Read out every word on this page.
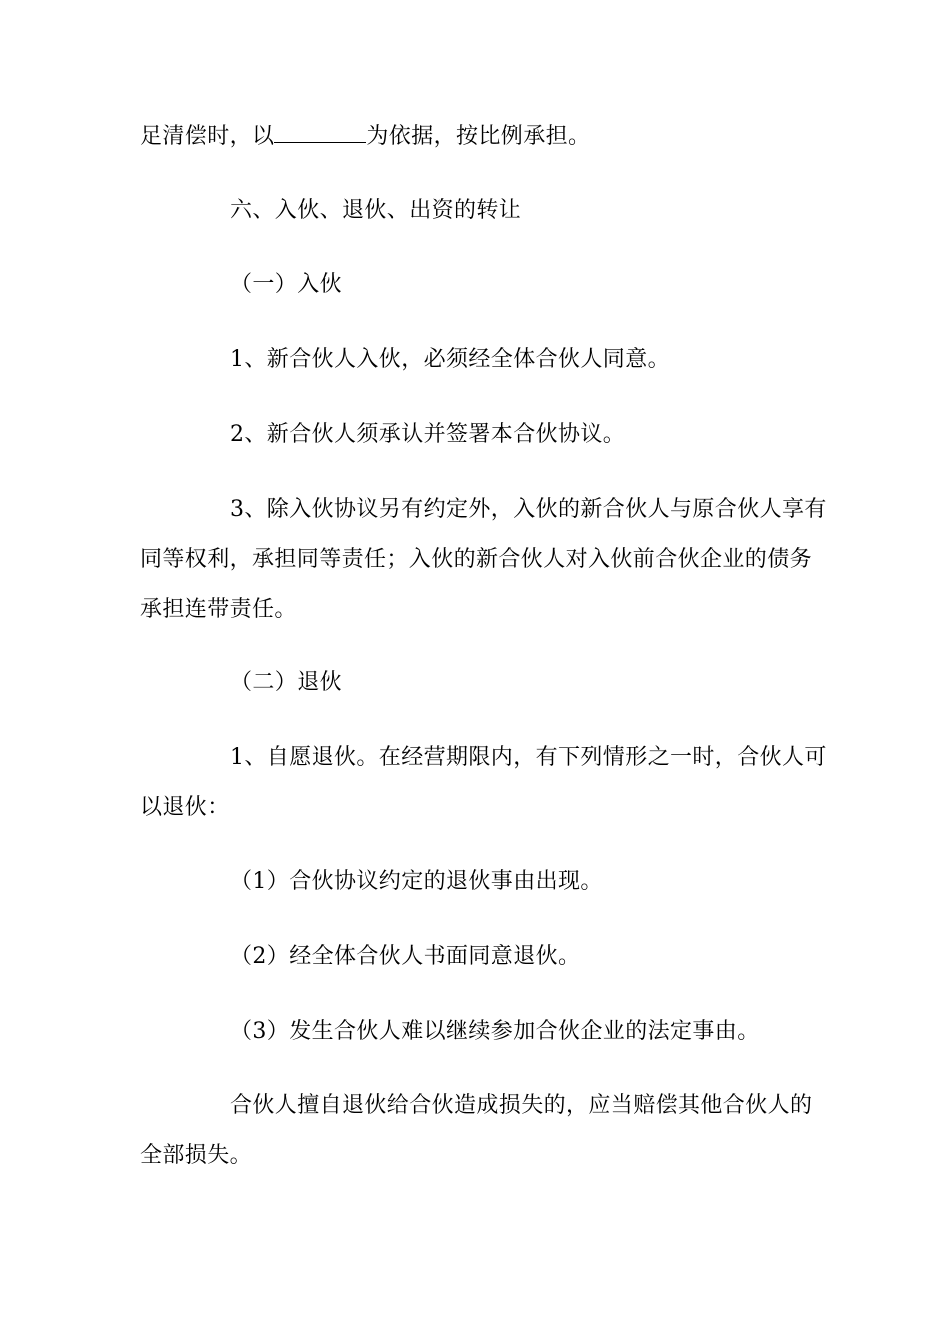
足清偿时，以	为依据，按比例承担。
六、入伙、退伙、出资的转让
（一）入伙
1、新合伙人入伙，必须经全体合伙人同意。
2、新合伙人须承认并签署本合伙协议。
3、除入伙协议另有约定外，入伙的新合伙人与原合伙人享有
同等权利，承担同等责任；入伙的新合伙人对入伙前合伙企业的债务
承担连带责任。
（二）退伙
1、自愿退伙。在经营期限内，有下列情形之一时，合伙人可
以退伙：
（1）合伙协议约定的退伙事由出现。
（2）经全体合伙人书面同意退伙。
（3）发生合伙人难以继续参加合伙企业的法定事由。
合伙人擅自退伙给合伙造成损失的，应当赔偿其他合伙人的
全部损失。
